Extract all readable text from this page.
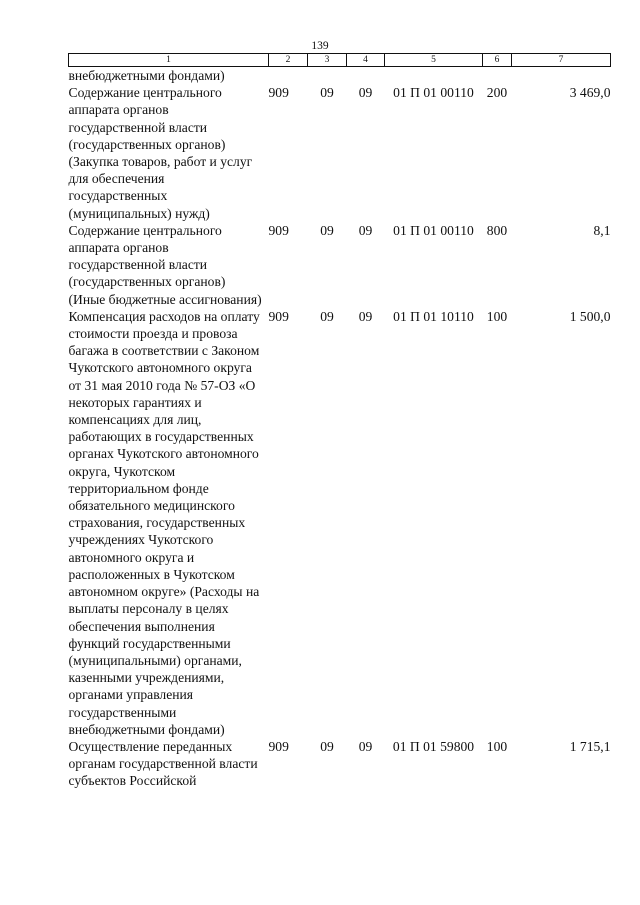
139
1	2	3	4	5	6	7
внебюджетными фондами)						
Содержание центрального аппарата органов государственной власти (государственных органов) (Закупка товаров, работ и услуг для обеспечения государственных (муниципальных) нужд)	909	09	09	01 П 01 00110	200	3 469,0
Содержание центрального аппарата органов государственной власти (государственных органов) (Иные бюджетные ассигнования)	909	09	09	01 П 01 00110	800	8,1
Компенсация расходов на оплату стоимости проезда и провоза багажа в соответствии с Законом Чукотского автономного округа от 31 мая 2010 года № 57-ОЗ «О некоторых гарантиях и компенсациях для лиц, работающих в государственных органах Чукотского автономного округа, Чукотском территориальном фонде обязательного медицинского страхования, государственных учреждениях Чукотского автономного округа и расположенных в Чукотском автономном округе» (Расходы на выплаты персоналу в целях обеспечения выполнения функций государственными (муниципальными) органами, казенными учреждениями, органами управления государственными внебюджетными фондами)	909	09	09	01 П 01 10110	100	1 500,0
Осуществление переданных органам государственной власти субъектов Российской	909	09	09	01 П 01 59800	100	1 715,1
